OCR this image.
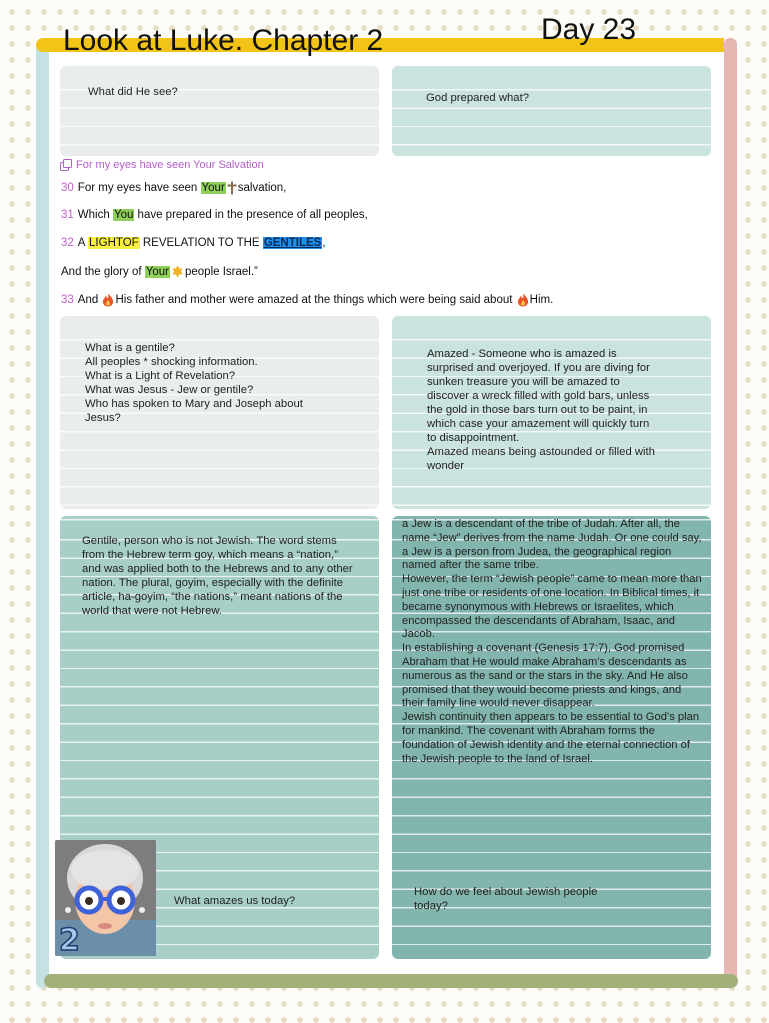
Look at Luke. Chapter 2	Day 23
What did He see?	God prepared what?
For my eyes have seen Your Salvation
30 For my eyes have seen Your salvation,
31 Which You have prepared in the presence of all peoples,
32 A LIGHTOF REVELATION TO THE GENTILES ,
And the glory of Your people Israel.”
33 And His father and mother were amazed at the things which were being said about Him.
What is a gentile?
All peoples * shocking information.
What is a Light of Revelation?
What was Jesus - Jew or gentile?
Who has spoken to Mary and Joseph about Jesus?
Amazed - Someone who is amazed is surprised and overjoyed. If you are diving for sunken treasure you will be amazed to discover a wreck filled with gold bars, unless the gold in those bars turn out to be paint, in which case your amazement will quickly turn to disappointment.
Amazed means being astounded or filled with wonder
Gentile, person who is not Jewish. The word stems from the Hebrew term goy, which means a “nation,” and was applied both to the Hebrews and to any other nation. The plural, goyim, especially with the definite article, ha-goyim, “the nations,” meant nations of the world that were not Hebrew.
What amazes us today?
a Jew is a descendant of the tribe of Judah. After all, the name “Jew” derives from the name Judah. Or one could say, a Jew is a person from Judea, the geographical region named after the same tribe.
However, the term “Jewish people” came to mean more than just one tribe or residents of one location. In Biblical times, it became synonymous with Hebrews or Israelites, which encompassed the descendants of Abraham, Isaac, and Jacob.
In establishing a covenant (Genesis 17:7), God promised Abraham that He would make Abraham’s descendants as numerous as the sand or the stars in the sky. And He also promised that they would become priests and kings, and their family line would never disappear.
Jewish continuity then appears to be essential to God’s plan for mankind. The covenant with Abraham forms the foundation of Jewish identity and the eternal connection of the Jewish people to the land of Israel.
How do we feel about Jewish people today?
2
